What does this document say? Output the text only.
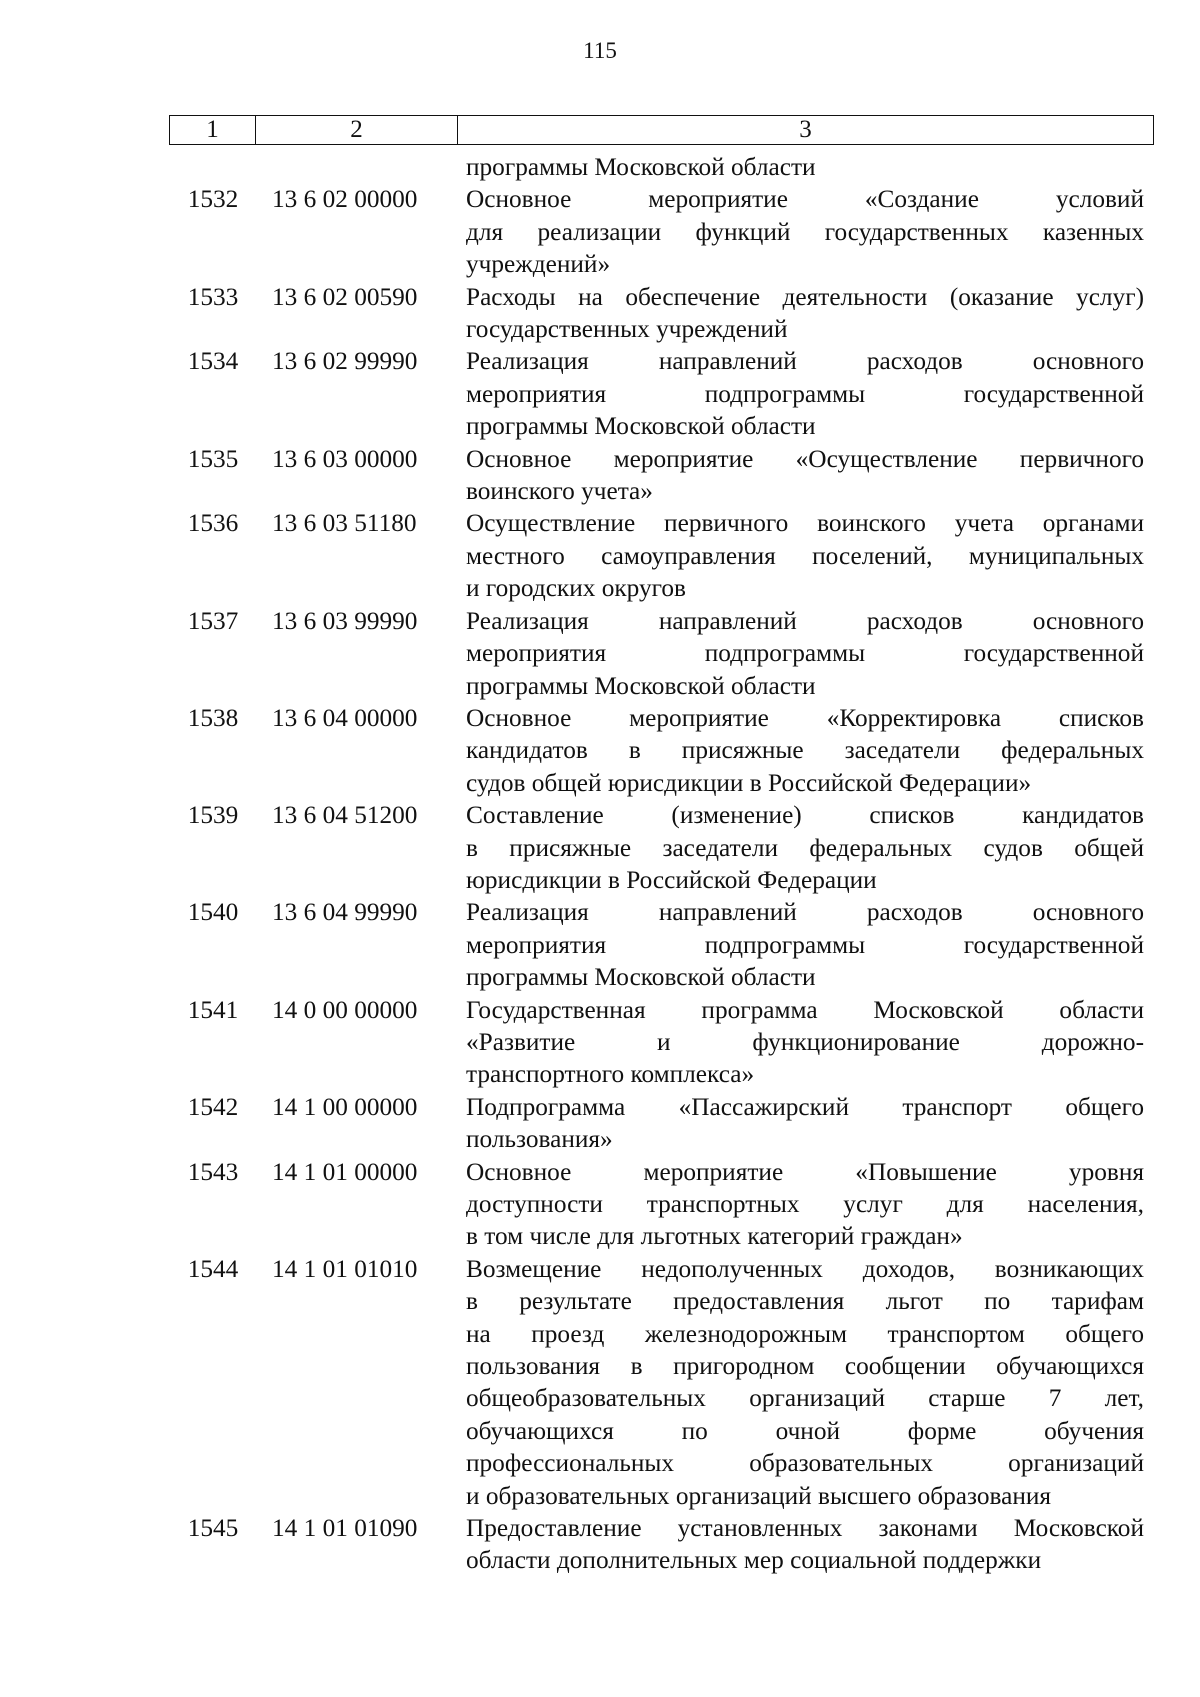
115
1	2	3
программы Московской области
1532	13 6 02 00000	Основное мероприятие «Создание условий
для реализации функций государственных казенных
учреждений»
1533	13 6 02 00590	Расходы на обеспечение деятельности (оказание услуг)
государственных учреждений
1534	13 6 02 99990	Реализация направлений расходов основного
мероприятия подпрограммы государственной
программы Московской области
1535	13 6 03 00000	Основное мероприятие «Осуществление первичного
воинского учета»
1536	13 6 03 51180	Осуществление первичного воинского учета органами
местного самоуправления поселений, муниципальных
и городских округов
1537	13 6 03 99990	Реализация направлений расходов основного
мероприятия подпрограммы государственной
программы Московской области
1538	13 6 04 00000	Основное мероприятие «Корректировка списков
кандидатов в присяжные заседатели федеральных
судов общей юрисдикции в Российской Федерации»
1539	13 6 04 51200	Составление (изменение) списков кандидатов
в присяжные заседатели федеральных судов общей
юрисдикции в Российской Федерации
1540	13 6 04 99990	Реализация направлений расходов основного
мероприятия подпрограммы государственной
программы Московской области
1541	14 0 00 00000	Государственная программа Московской области
«Развитие и функционирование дорожно-
транспортного комплекса»
1542	14 1 00 00000	Подпрограмма «Пассажирский транспорт общего
пользования»
1543	14 1 01 00000	Основное мероприятие «Повышение уровня
доступности транспортных услуг для населения,
в том числе для льготных категорий граждан»
1544	14 1 01 01010	Возмещение недополученных доходов, возникающих
в результате предоставления льгот по тарифам
на проезд железнодорожным транспортом общего
пользования в пригородном сообщении обучающихся
общеобразовательных организаций старше 7 лет,
обучающихся по очной форме обучения
профессиональных образовательных организаций
и образовательных организаций высшего образования
1545	14 1 01 01090	Предоставление установленных законами Московской
области дополнительных мер социальной поддержки
